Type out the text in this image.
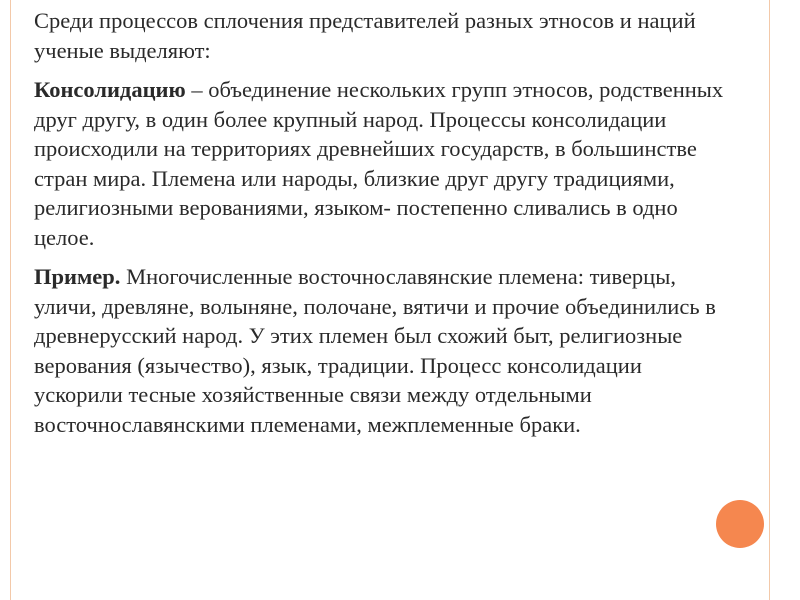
Среди процессов сплочения представителей разных этносов и наций ученые выделяют:

Консолидацию – объединение нескольких групп этносов, родственных друг другу, в один более крупный народ. Процессы консолидации происходили на территориях древнейших государств, в большинстве стран мира. Племена или народы, близкие друг другу традициями, религиозными верованиями, языком- постепенно сливались в одно целое.

Пример. Многочисленные восточнославянские племена: тиверцы, уличи, древляне, волыняне, полочане, вятичи и прочие объединились в древнерусский народ. У этих племен был схожий быт, религиозные верования (язычество), язык, традиции. Процесс консолидации ускорили тесные хозяйственные связи между отдельными восточнославянскими племенами, межплеменные браки.
